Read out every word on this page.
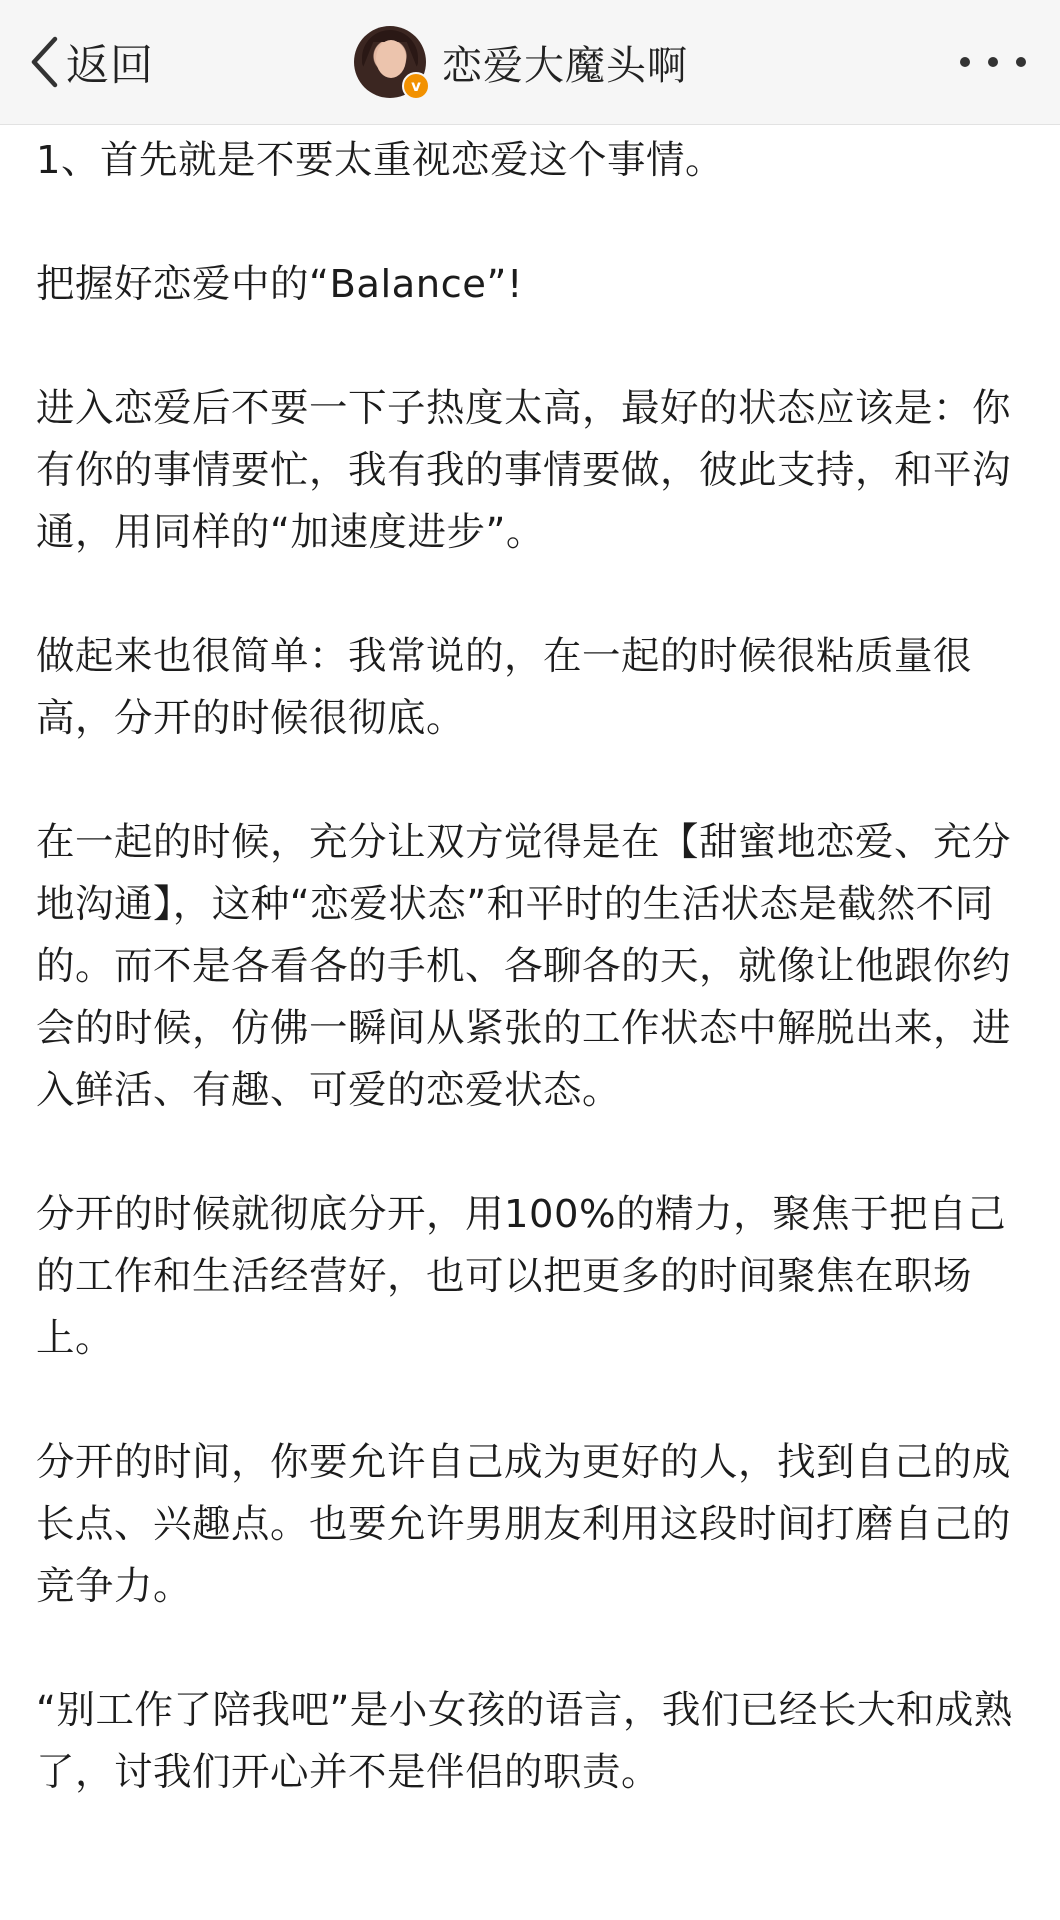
返回	v 恋爱大魔头啊

1、首先就是不要太重视恋爱这个事情。

把握好恋爱中的“Balance”!

进入恋爱后不要一下子热度太高，最好的状态应该是：你有你的事情要忙，我有我的事情要做，彼此支持，和平沟通，用同样的“加速度进步”。

做起来也很简单：我常说的，在一起的时候很粘质量很高，分开的时候很彻底。

在一起的时候，充分让双方觉得是在【甜蜜地恋爱、充分地沟通】，这种“恋爱状态”和平时的生活状态是截然不同的。而不是各看各的手机、各聊各的天，就像让他跟你约会的时候，仿佛一瞬间从紧张的工作状态中解脱出来，进入鲜活、有趣、可爱的恋爱状态。

分开的时候就彻底分开，用100%的精力，聚焦于把自己的工作和生活经营好，也可以把更多的时间聚焦在职场上。

分开的时间，你要允许自己成为更好的人，找到自己的成长点、兴趣点。也要允许男朋友利用这段时间打磨自己的竞争力。

“别工作了陪我吧”是小女孩的语言，我们已经长大和成熟了，讨我们开心并不是伴侣的职责。
